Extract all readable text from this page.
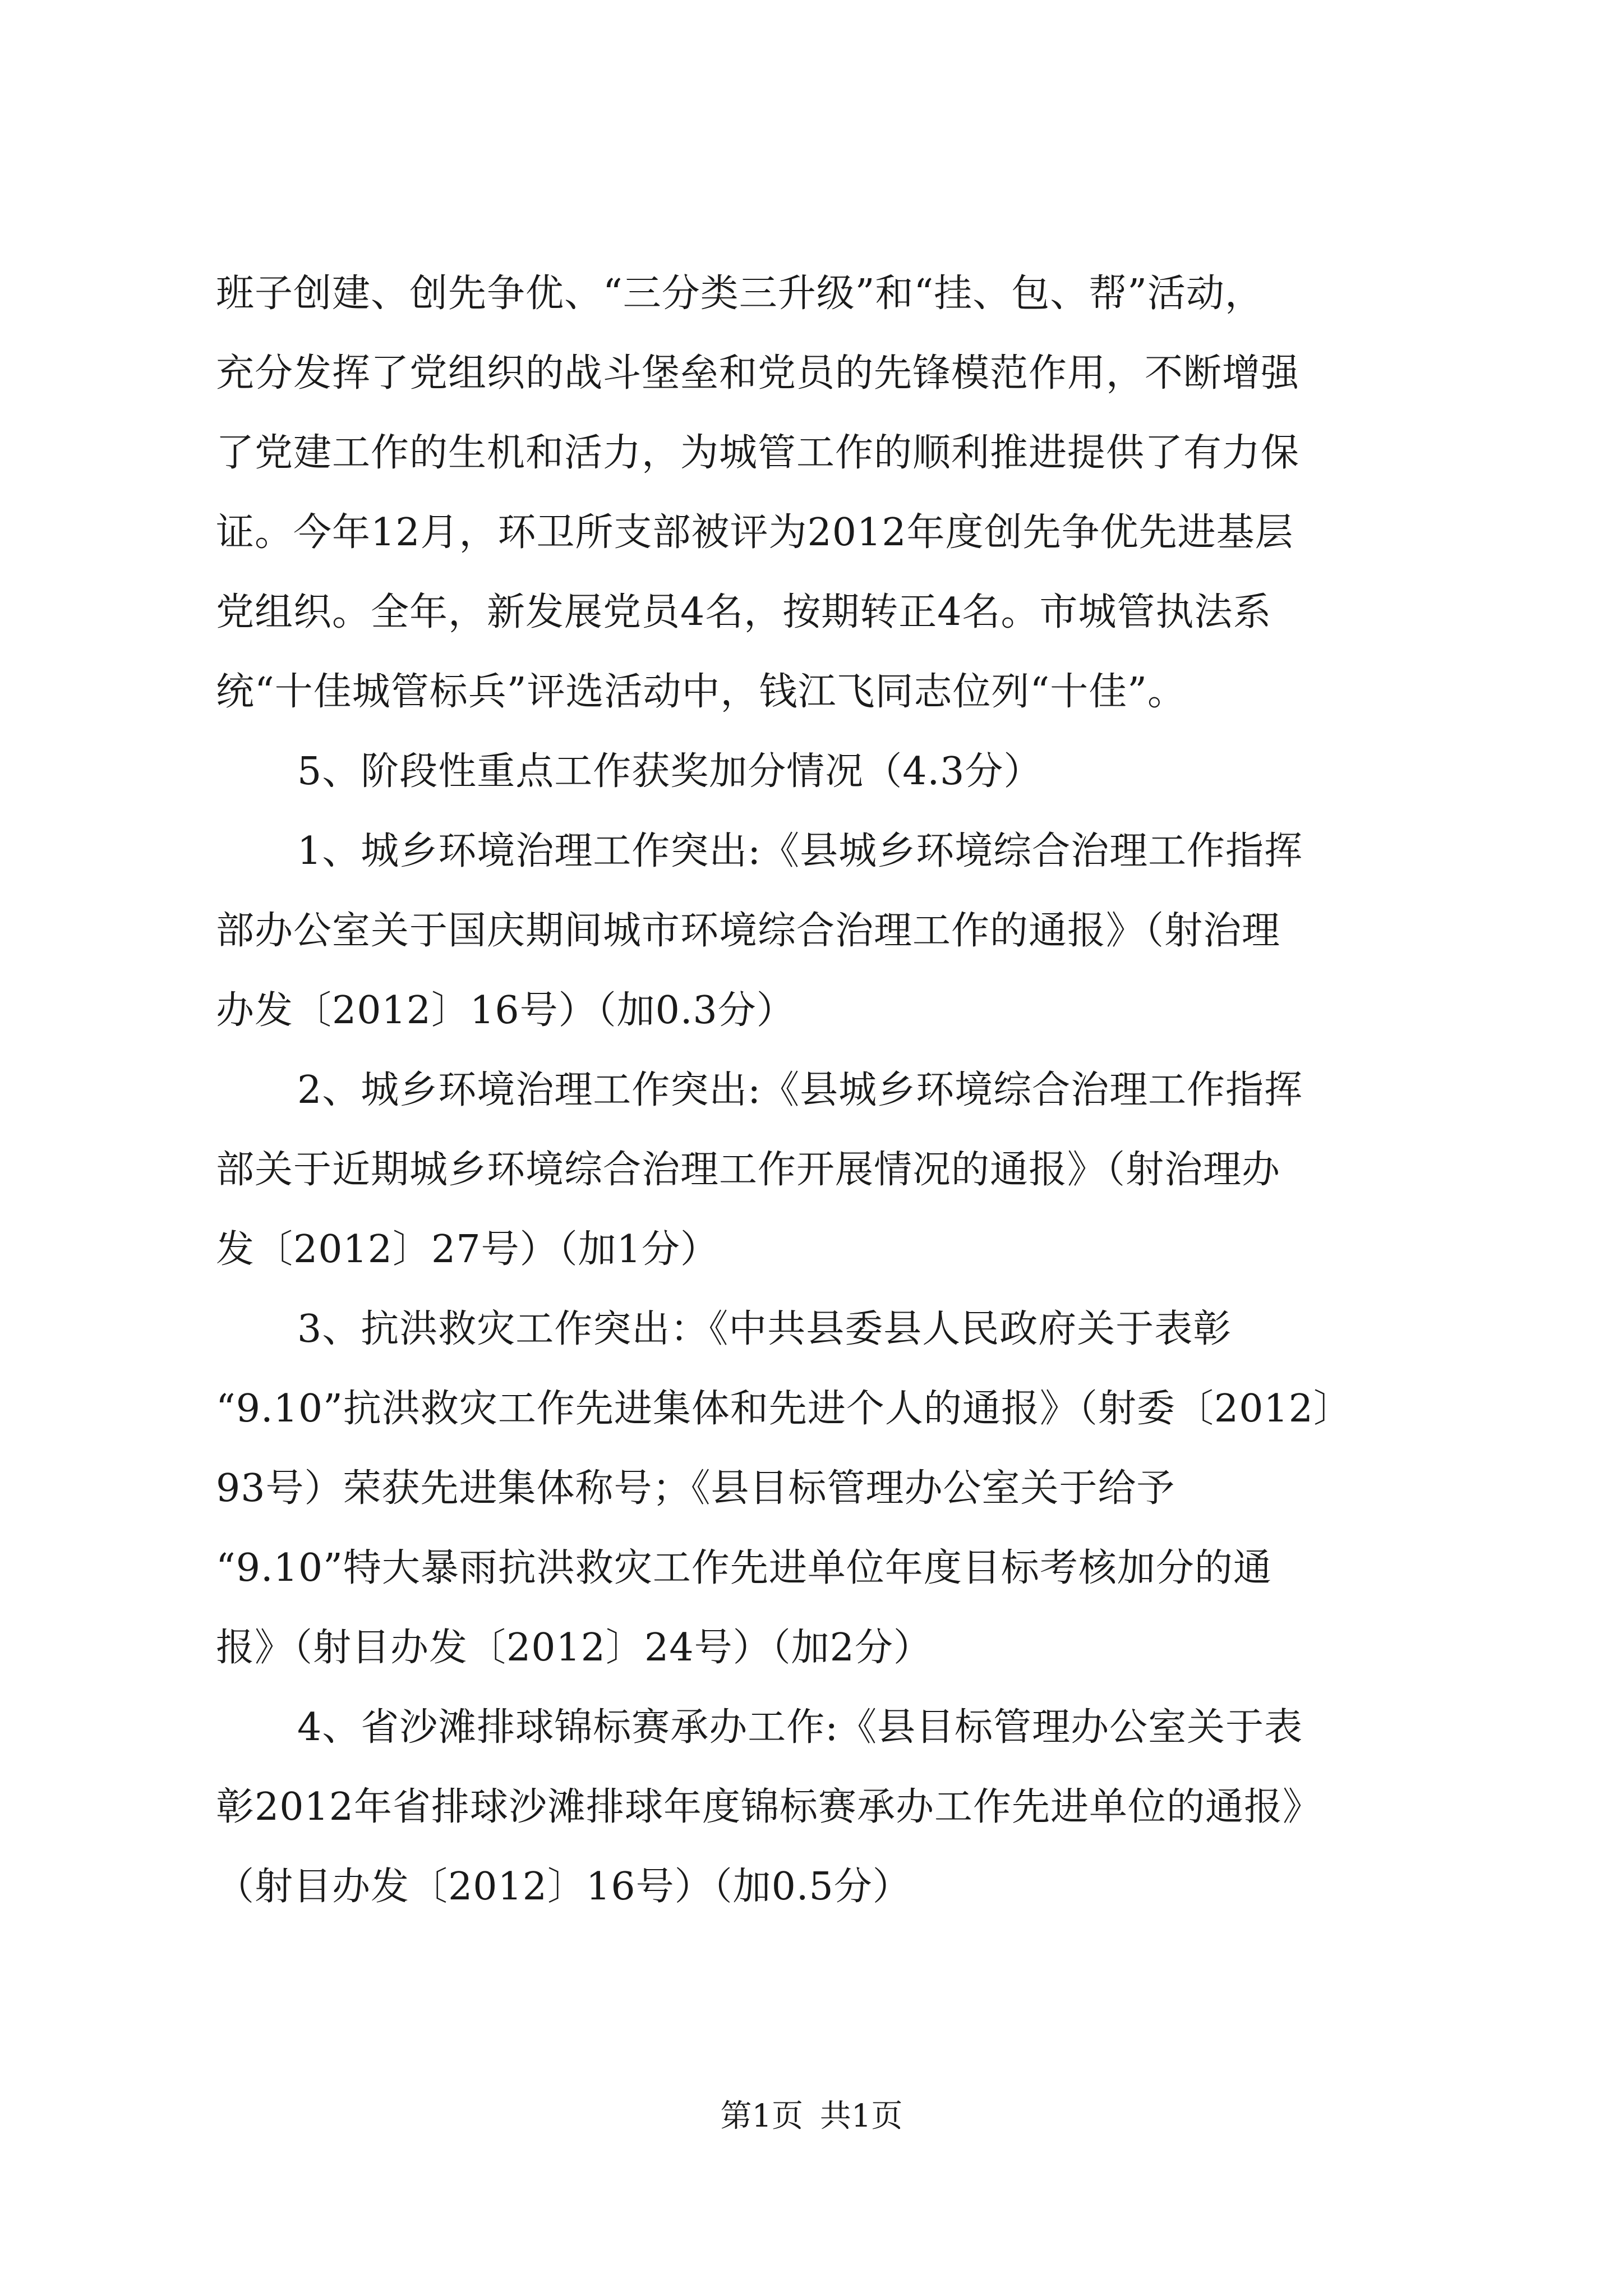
班子创建、创先争优、“三分类三升级”和“挂、包、帮”活动，
充分发挥了党组织的战斗堡垒和党员的先锋模范作用，不断增强
了党建工作的生机和活力，为城管工作的顺利推进提供了有力保
证。今年12月，环卫所支部被评为2012年度创先争优先进基层
党组织。全年，新发展党员4名，按期转正4名。市城管执法系
统“十佳城管标兵”评选活动中，钱江飞同志位列“十佳”。
5、阶段性重点工作获奖加分情况（4.3分）
1、城乡环境治理工作突出:《县城乡环境综合治理工作指挥
部办公室关于国庆期间城市环境综合治理工作的通报》（射治理
办发〔2012〕16号）（加0.3分）
2、城乡环境治理工作突出:《县城乡环境综合治理工作指挥
部关于近期城乡环境综合治理工作开展情况的通报》（射治理办
发〔2012〕27号）（加1分）
3、抗洪救灾工作突出：《中共县委县人民政府关于表彰
“9.10”抗洪救灾工作先进集体和先进个人的通报》（射委〔2012〕
93号）荣获先进集体称号；《县目标管理办公室关于给予
“9.10”特大暴雨抗洪救灾工作先进单位年度目标考核加分的通
报》（射目办发〔2012〕24号）（加2分）
4、省沙滩排球锦标赛承办工作:《县目标管理办公室关于表
彰2012年省排球沙滩排球年度锦标赛承办工作先进单位的通报》
（射目办发〔2012〕16号）（加0.5分）
第1页 共1页
